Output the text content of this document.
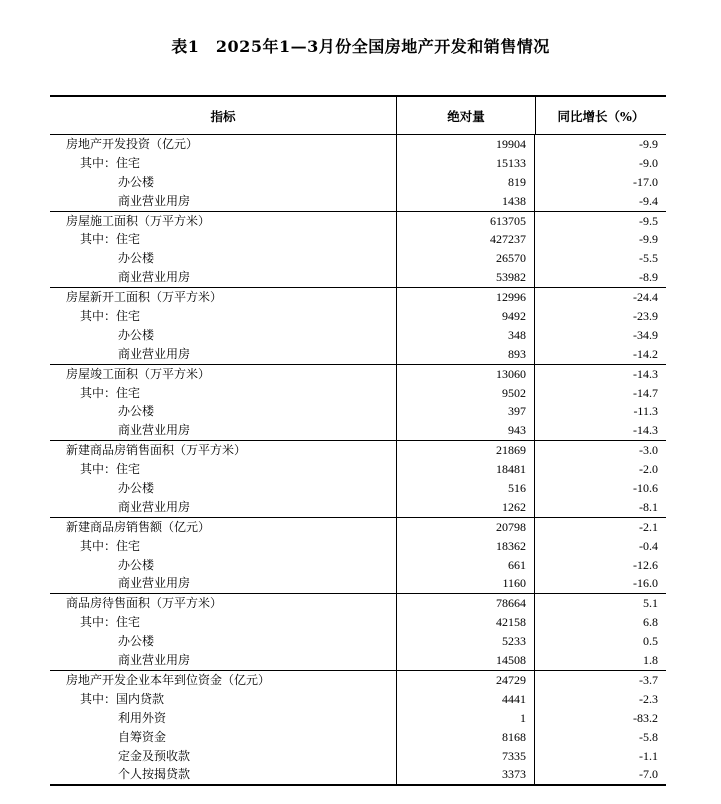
表1　2025年1—3月份全国房地产开发和销售情况
指标	绝对量	同比增长（%）
房地产开发投资（亿元）	19904	-9.9
其中：住宅	15133	-9.0
办公楼	819	-17.0
商业营业用房	1438	-9.4
房屋施工面积（万平方米）	613705	-9.5
其中：住宅	427237	-9.9
办公楼	26570	-5.5
商业营业用房	53982	-8.9
房屋新开工面积（万平方米）	12996	-24.4
其中：住宅	9492	-23.9
办公楼	348	-34.9
商业营业用房	893	-14.2
房屋竣工面积（万平方米）	13060	-14.3
其中：住宅	9502	-14.7
办公楼	397	-11.3
商业营业用房	943	-14.3
新建商品房销售面积（万平方米）	21869	-3.0
其中：住宅	18481	-2.0
办公楼	516	-10.6
商业营业用房	1262	-8.1
新建商品房销售额（亿元）	20798	-2.1
其中：住宅	18362	-0.4
办公楼	661	-12.6
商业营业用房	1160	-16.0
商品房待售面积（万平方米）	78664	5.1
其中：住宅	42158	6.8
办公楼	5233	0.5
商业营业用房	14508	1.8
房地产开发企业本年到位资金（亿元）	24729	-3.7
其中：国内贷款	4441	-2.3
利用外资	1	-83.2
自筹资金	8168	-5.8
定金及预收款	7335	-1.1
个人按揭贷款	3373	-7.0
